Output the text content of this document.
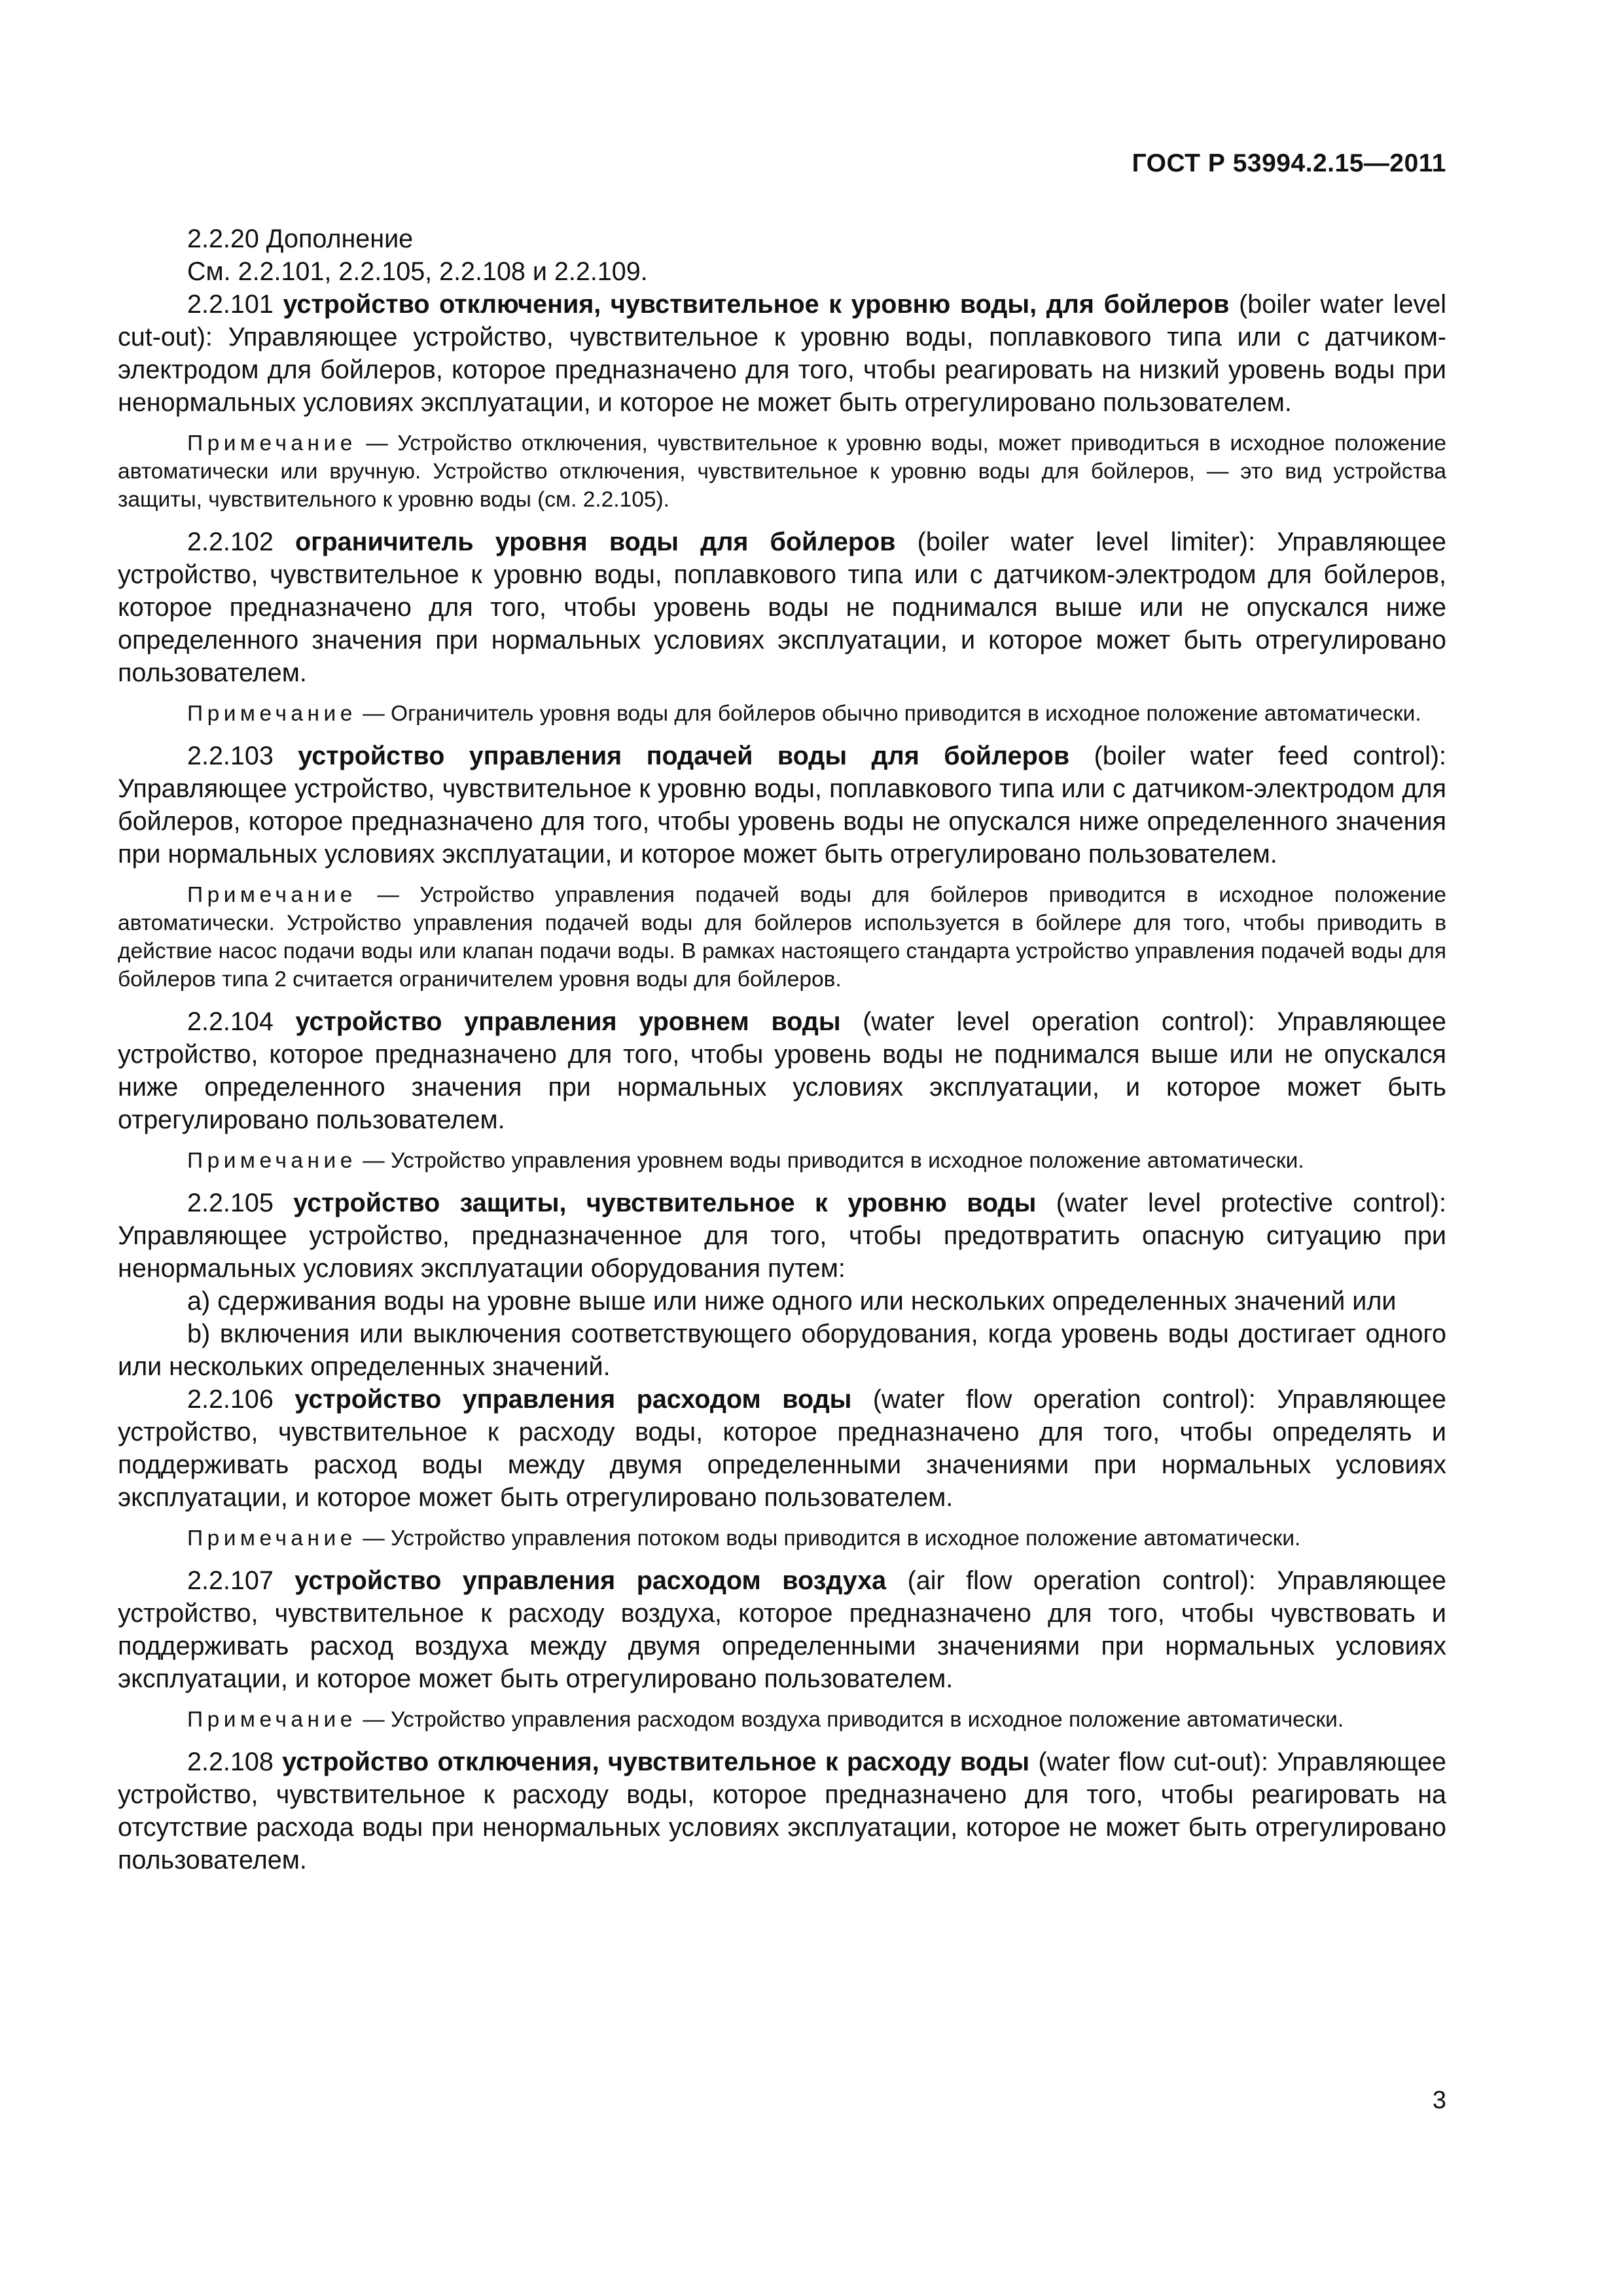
ГОСТ Р 53994.2.15—2011

2.2.20 Дополнение

См. 2.2.101, 2.2.105, 2.2.108 и 2.2.109.

2.2.101 устройство отключения, чувствительное к уровню воды, для бойлеров (boiler water level cut-out): Управляющее устройство, чувствительное к уровню воды, поплавкового типа или с датчиком-электродом для бойлеров, которое предназначено для того, чтобы реагировать на низкий уровень воды при ненормальных условиях эксплуатации, и которое не может быть отрегулировано пользователем.

Примечание — Устройство отключения, чувствительное к уровню воды, может приводиться в исходное положение автоматически или вручную. Устройство отключения, чувствительное к уровню воды для бойлеров, — это вид устройства защиты, чувствительного к уровню воды (см. 2.2.105).

2.2.102 ограничитель уровня воды для бойлеров (boiler water level limiter): Управляющее устройство, чувствительное к уровню воды, поплавкового типа или с датчиком-электродом для бойлеров, которое предназначено для того, чтобы уровень воды не поднимался выше или не опускался ниже определенного значения при нормальных условиях эксплуатации, и которое может быть отрегулировано пользователем.

Примечание — Ограничитель уровня воды для бойлеров обычно приводится в исходное положение автоматически.

2.2.103 устройство управления подачей воды для бойлеров (boiler water feed control): Управляющее устройство, чувствительное к уровню воды, поплавкового типа или с датчиком-электродом для бойлеров, которое предназначено для того, чтобы уровень воды не опускался ниже определенного значения при нормальных условиях эксплуатации, и которое может быть отрегулировано пользователем.

Примечание — Устройство управления подачей воды для бойлеров приводится в исходное положение автоматически. Устройство управления подачей воды для бойлеров используется в бойлере для того, чтобы приводить в действие насос подачи воды или клапан подачи воды. В рамках настоящего стандарта устройство управления подачей воды для бойлеров типа 2 считается ограничителем уровня воды для бойлеров.

2.2.104 устройство управления уровнем воды (water level operation control): Управляющее устройство, которое предназначено для того, чтобы уровень воды не поднимался выше или не опускался ниже определенного значения при нормальных условиях эксплуатации, и которое может быть отрегулировано пользователем.

Примечание — Устройство управления уровнем воды приводится в исходное положение автоматически.

2.2.105 устройство защиты, чувствительное к уровню воды (water level protective control): Управляющее устройство, предназначенное для того, чтобы предотвратить опасную ситуацию при ненормальных условиях эксплуатации оборудования путем:

a) сдерживания воды на уровне выше или ниже одного или нескольких определенных значений или

b) включения или выключения соответствующего оборудования, когда уровень воды достигает одного или нескольких определенных значений.

2.2.106 устройство управления расходом воды (water flow operation control): Управляющее устройство, чувствительное к расходу воды, которое предназначено для того, чтобы определять и поддерживать расход воды между двумя определенными значениями при нормальных условиях эксплуатации, и которое может быть отрегулировано пользователем.

Примечание — Устройство управления потоком воды приводится в исходное положение автоматически.

2.2.107 устройство управления расходом воздуха (air flow operation control): Управляющее устройство, чувствительное к расходу воздуха, которое предназначено для того, чтобы чувствовать и поддерживать расход воздуха между двумя определенными значениями при нормальных условиях эксплуатации, и которое может быть отрегулировано пользователем.

Примечание — Устройство управления расходом воздуха приводится в исходное положение автоматически.

2.2.108 устройство отключения, чувствительное к расходу воды (water flow cut-out): Управляющее устройство, чувствительное к расходу воды, которое предназначено для того, чтобы реагировать на отсутствие расхода воды при ненормальных условиях эксплуатации, которое не может быть отрегулировано пользователем.

3
